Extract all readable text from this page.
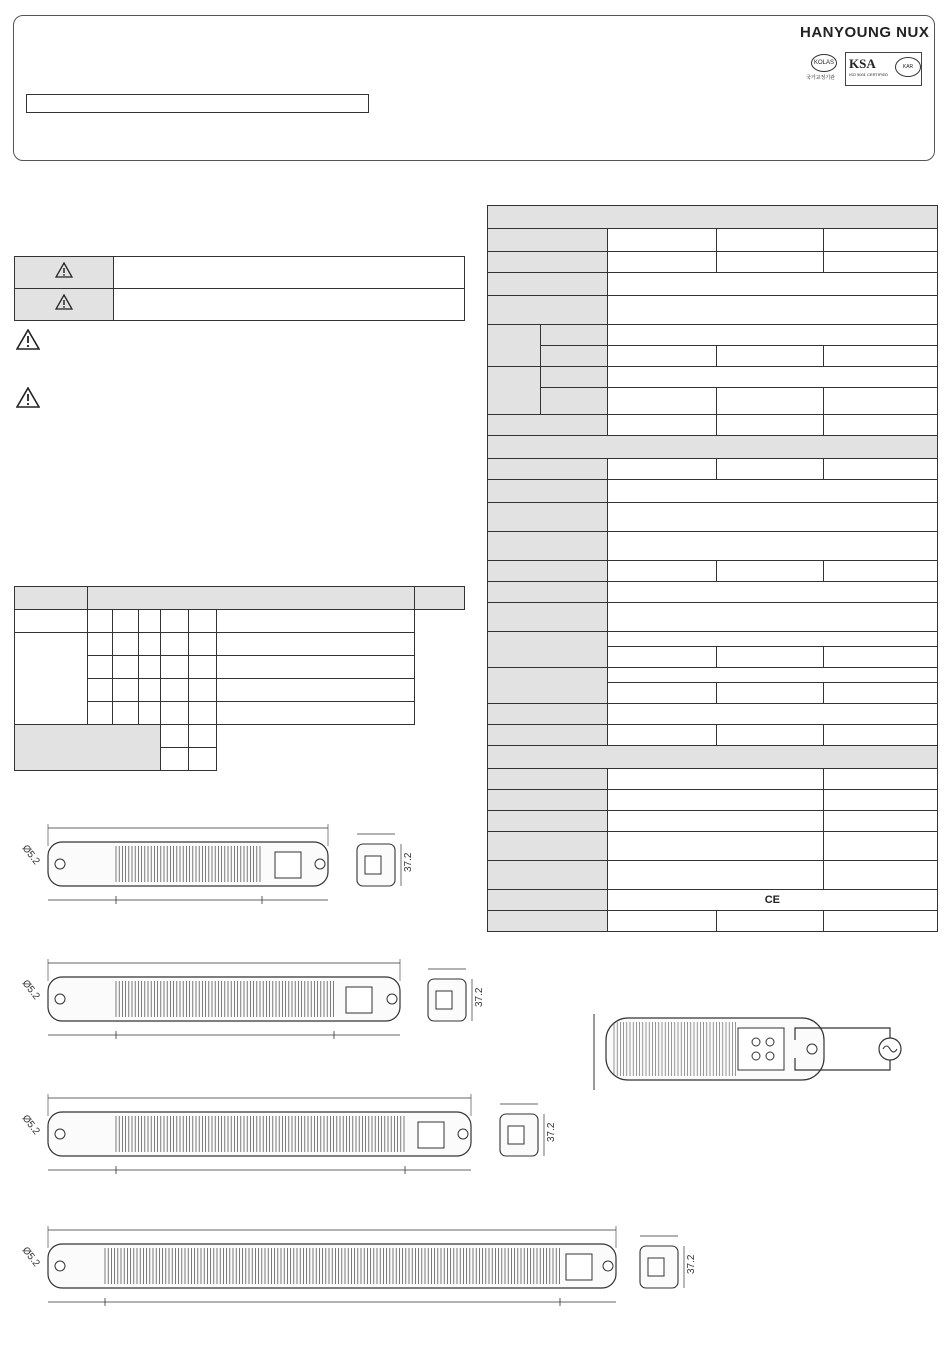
HANYOUNG NUX
KOLAS
국가교정기관
KSA
ISO 9001 CERTIFIED
KAR

		CE		

Ø5.2	37.2
Ø5.2	37.2
Ø5.2	37.2
Ø5.2	37.2
